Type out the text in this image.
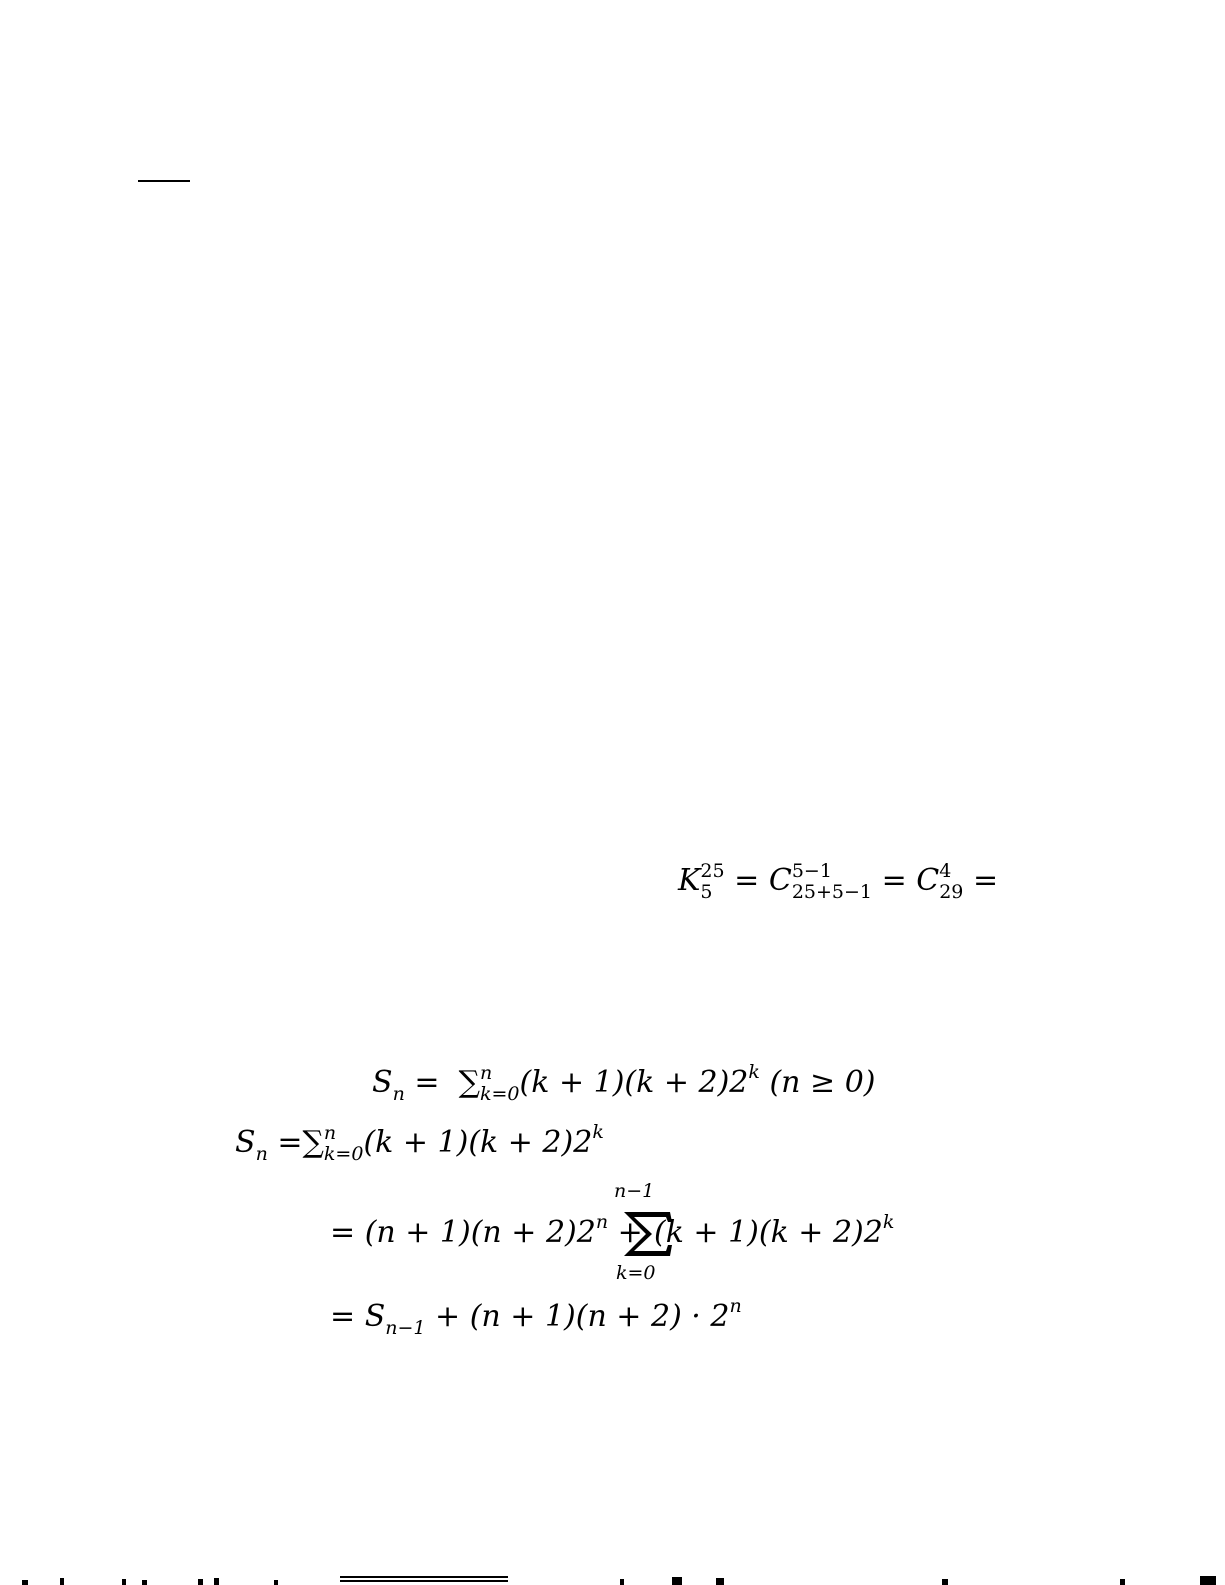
K 25
5 = C 5−1
25+5−1 = C 4
29 =
$S_n$ = ∑ n
k=0 $(k + 1)(k + 2)2^k$ (n ≥ 0)
$S_n$ =∑ n
k=0 $(k + 1)(k + 2)2^k$
= $(n + 1)(n + 2)2^n$ +
n−1
k=0
$(k + 1)(k + 2)2^k$
= $S_{n-1} + (n + 1)(n + 2) \cdot 2^n$
